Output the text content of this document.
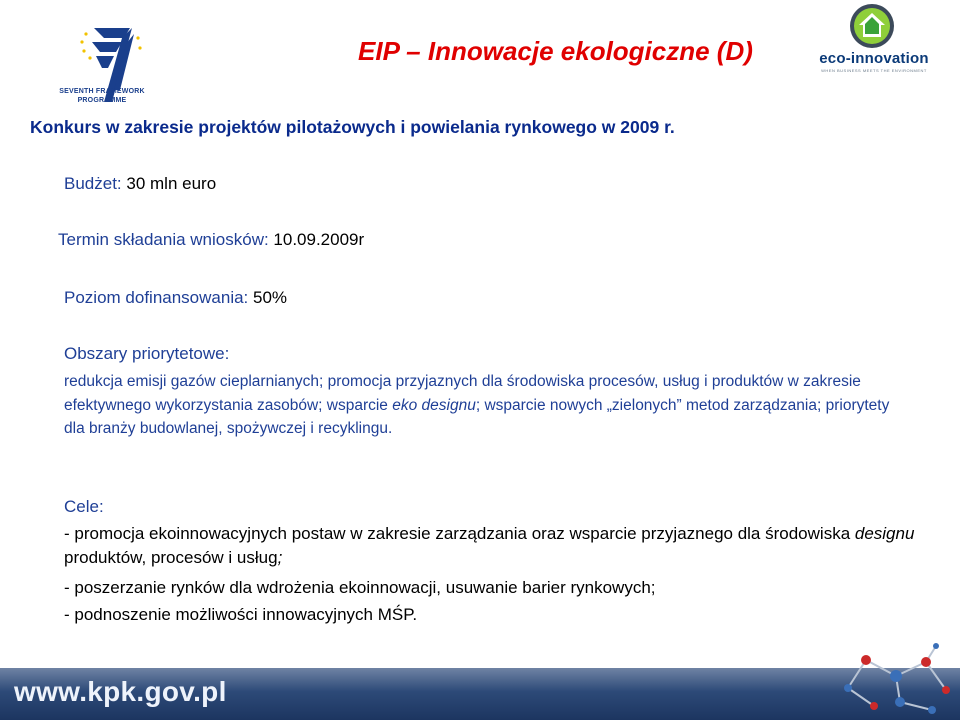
SEVENTH FRAMEWORK
PROGRAMME
EIP – Innowacje ekologiczne (D)	eco-innovation
WHEN BUSINESS MEETS THE ENVIRONMENT
Konkurs w zakresie projektów pilotażowych i powielania rynkowego w 2009 r.
Budżet: 30 mln euro
Termin składania wniosków: 10.09.2009r
Poziom dofinansowania: 50%
Obszary priorytetowe:
redukcja emisji gazów cieplarnianych; promocja przyjaznych dla środowiska procesów, usług i produktów w zakresie efektywnego wykorzystania zasobów; wsparcie eko designu; wsparcie nowych „zielonych” metod zarządzania; priorytety dla branży budowlanej, spożywczej i recyklingu.
Cele:
- promocja ekoinnowacyjnych postaw w zakresie zarządzania oraz wsparcie przyjaznego dla środowiska designu produktów, procesów i usług;
- poszerzanie rynków dla wdrożenia ekoinnowacji, usuwanie barier rynkowych;
- podnoszenie możliwości innowacyjnych MŚP.
www.kpk.gov.pl
